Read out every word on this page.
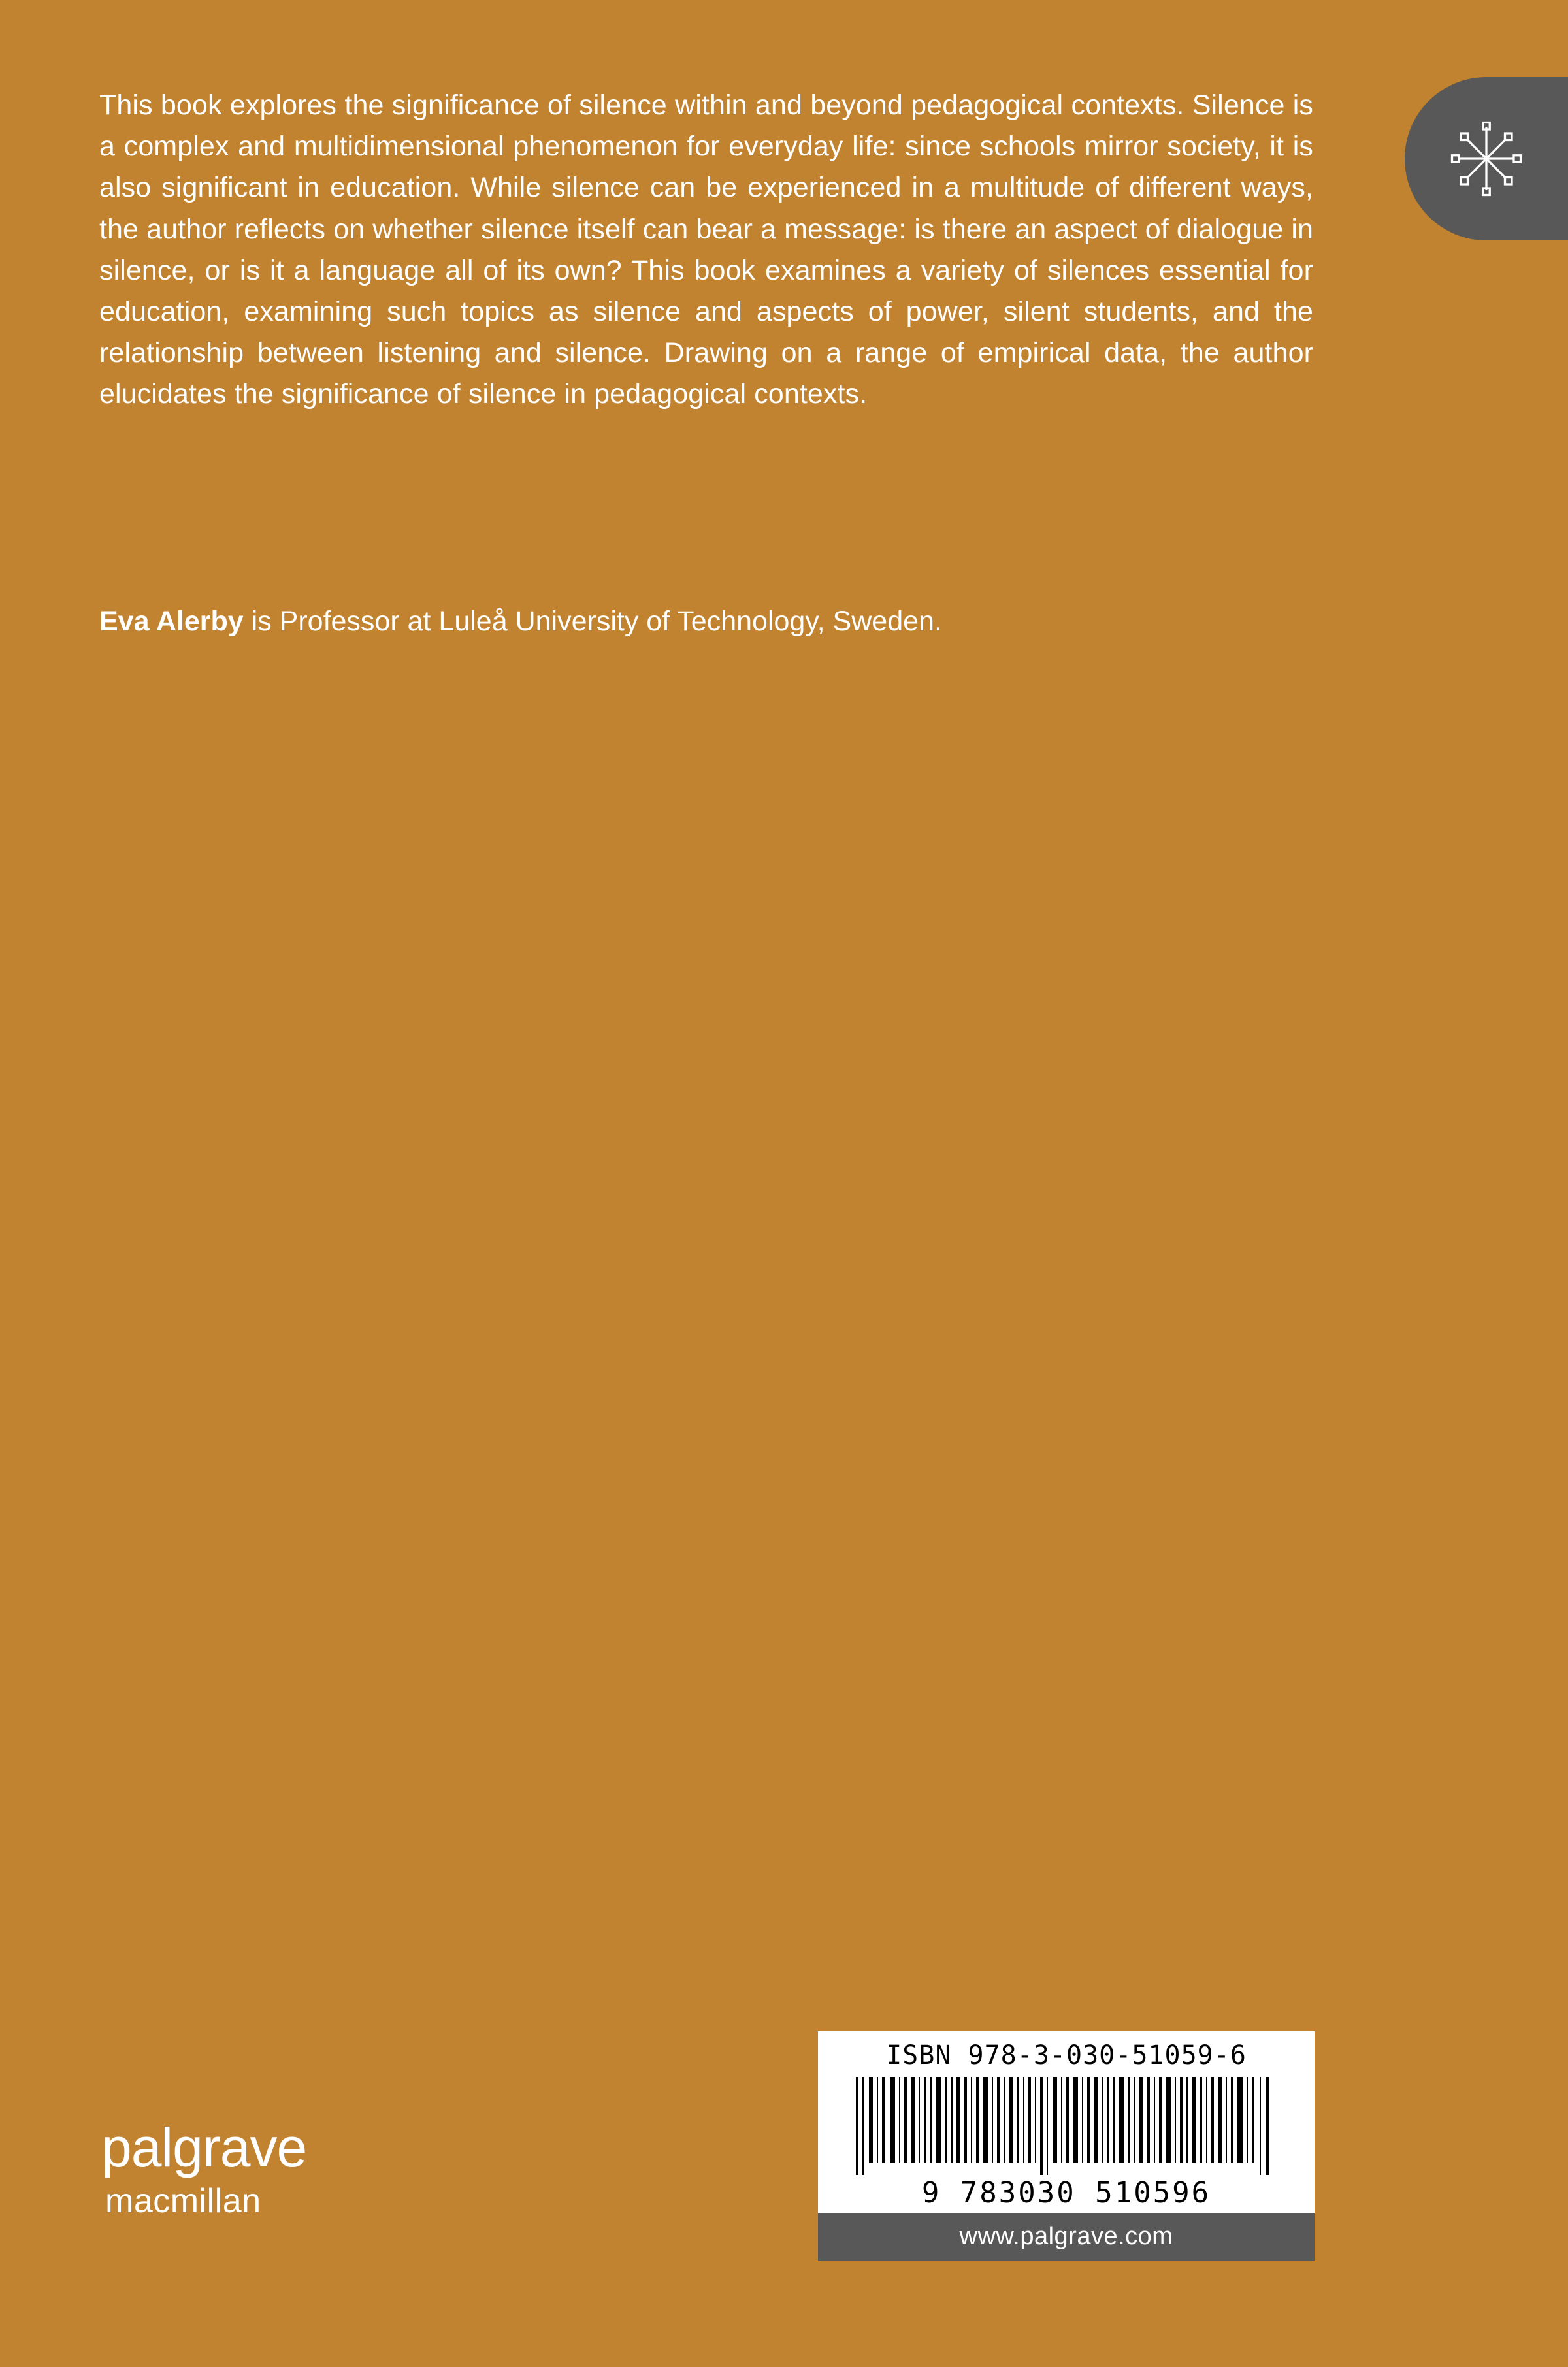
This book explores the significance of silence within and beyond pedagogical contexts. Silence is a complex and multidimensional phenomenon for everyday life: since schools mirror society, it is also significant in education. While silence can be experienced in a multitude of different ways, the author reflects on whether silence itself can bear a message: is there an aspect of dialogue in silence, or is it a language all of its own? This book examines a variety of silences essential for education, examining such topics as silence and aspects of power, silent students, and the relationship between listening and silence. Drawing on a range of empirical data, the author elucidates the significance of silence in pedagogical contexts.

Eva Alerby is Professor at Luleå University of Technology, Sweden.
palgrave
macmillan
ISBN 978-3-030-51059-6
9 783030 510596
www.palgrave.com
